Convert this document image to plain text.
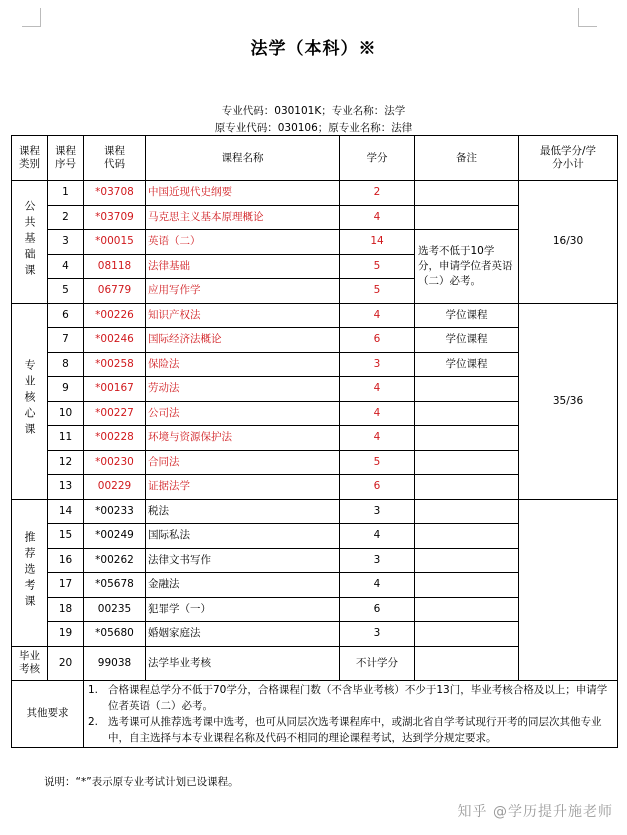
法学（本科）※
专业代码：030101K；专业名称：法学
原专业代码：030106；原专业名称：法律
课程类别	课程序号	课程代码	课程名称	学分	备注	最低学分/学分小计
公共基础课	1	*03708	中国近现代史纲要	2		16/30
	2	*03709	马克思主义基本原理概论	4		
	3	*00015	英语（二）	14	选考不低于10学分，申请学位者英语（二）必考。	
	4	08118	法律基础	5		
	5	06779	应用写作学	5		
专业核心课	6	*00226	知识产权法	4	学位课程	35/36
	7	*00246	国际经济法概论	6	学位课程	
	8	*00258	保险法	3	学位课程	
	9	*00167	劳动法	4		
	10	*00227	公司法	4		
	11	*00228	环境与资源保护法	4		
	12	*00230	合同法	5		
	13	00229	证据法学	6		
推荐选考课	14	*00233	税法	3		
	15	*00249	国际私法	4		
	16	*00262	法律文书写作	3		
	17	*05678	金融法	4		
	18	00235	犯罪学（一）	6		
	19	*05680	婚姻家庭法	3		
毕业考核	20	99038	法学毕业考核	不计学分		
其他要求		1. 合格课程总学分不低于70学分，合格课程门数（不含毕业考核）不少于13门，毕业考核合格及以上；申请学位者英语（二）必考。
2. 选考课可从推荐选考课中选考，也可从同层次选考课程库中，或湖北省自学考试现行开考的同层次其他专业中，自主选择与本专业课程名称及代码不相同的理论课程考试，达到学分规定要求。				
说明：“*”表示原专业考试计划已设课程。
知乎 @学历提升施老师
